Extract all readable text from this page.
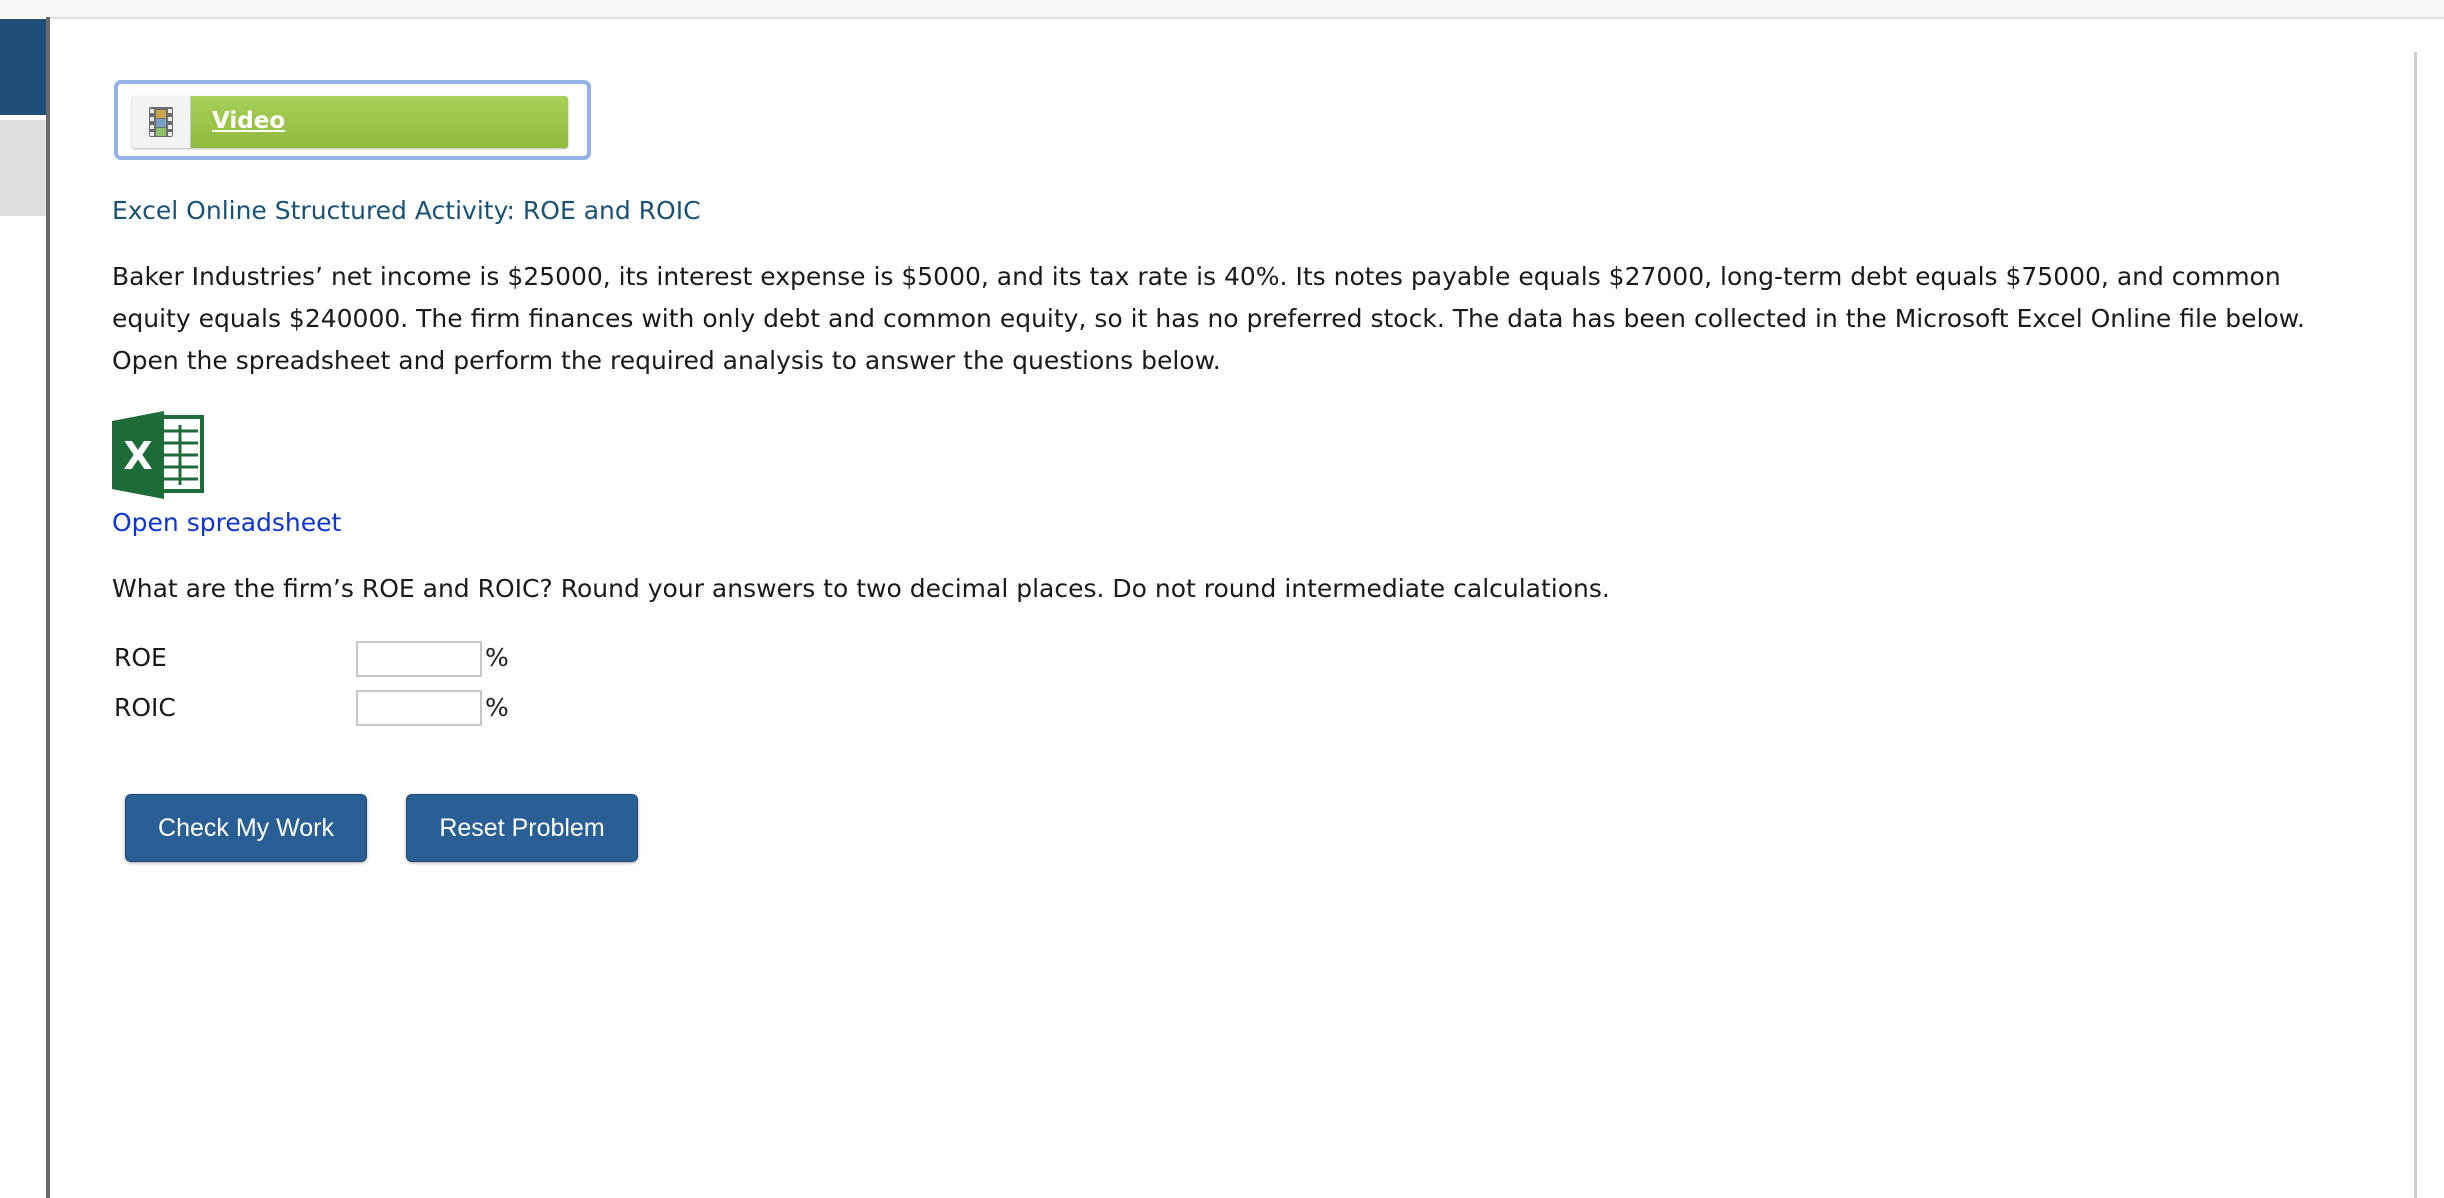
Video
Excel Online Structured Activity: ROE and ROIC
Baker Industries’ net income is $25000, its interest expense is $5000, and its tax rate is 40%. Its notes payable equals $27000, long-term debt equals $75000, and common equity equals $240000. The firm finances with only debt and common equity, so it has no preferred stock. The data has been collected in the Microsoft Excel Online file below. Open the spreadsheet and perform the required analysis to answer the questions below.
X
Open spreadsheet
What are the firm’s ROE and ROIC? Round your answers to two decimal places. Do not round intermediate calculations.
ROE	%
ROIC	%
Check My Work	Reset Problem
